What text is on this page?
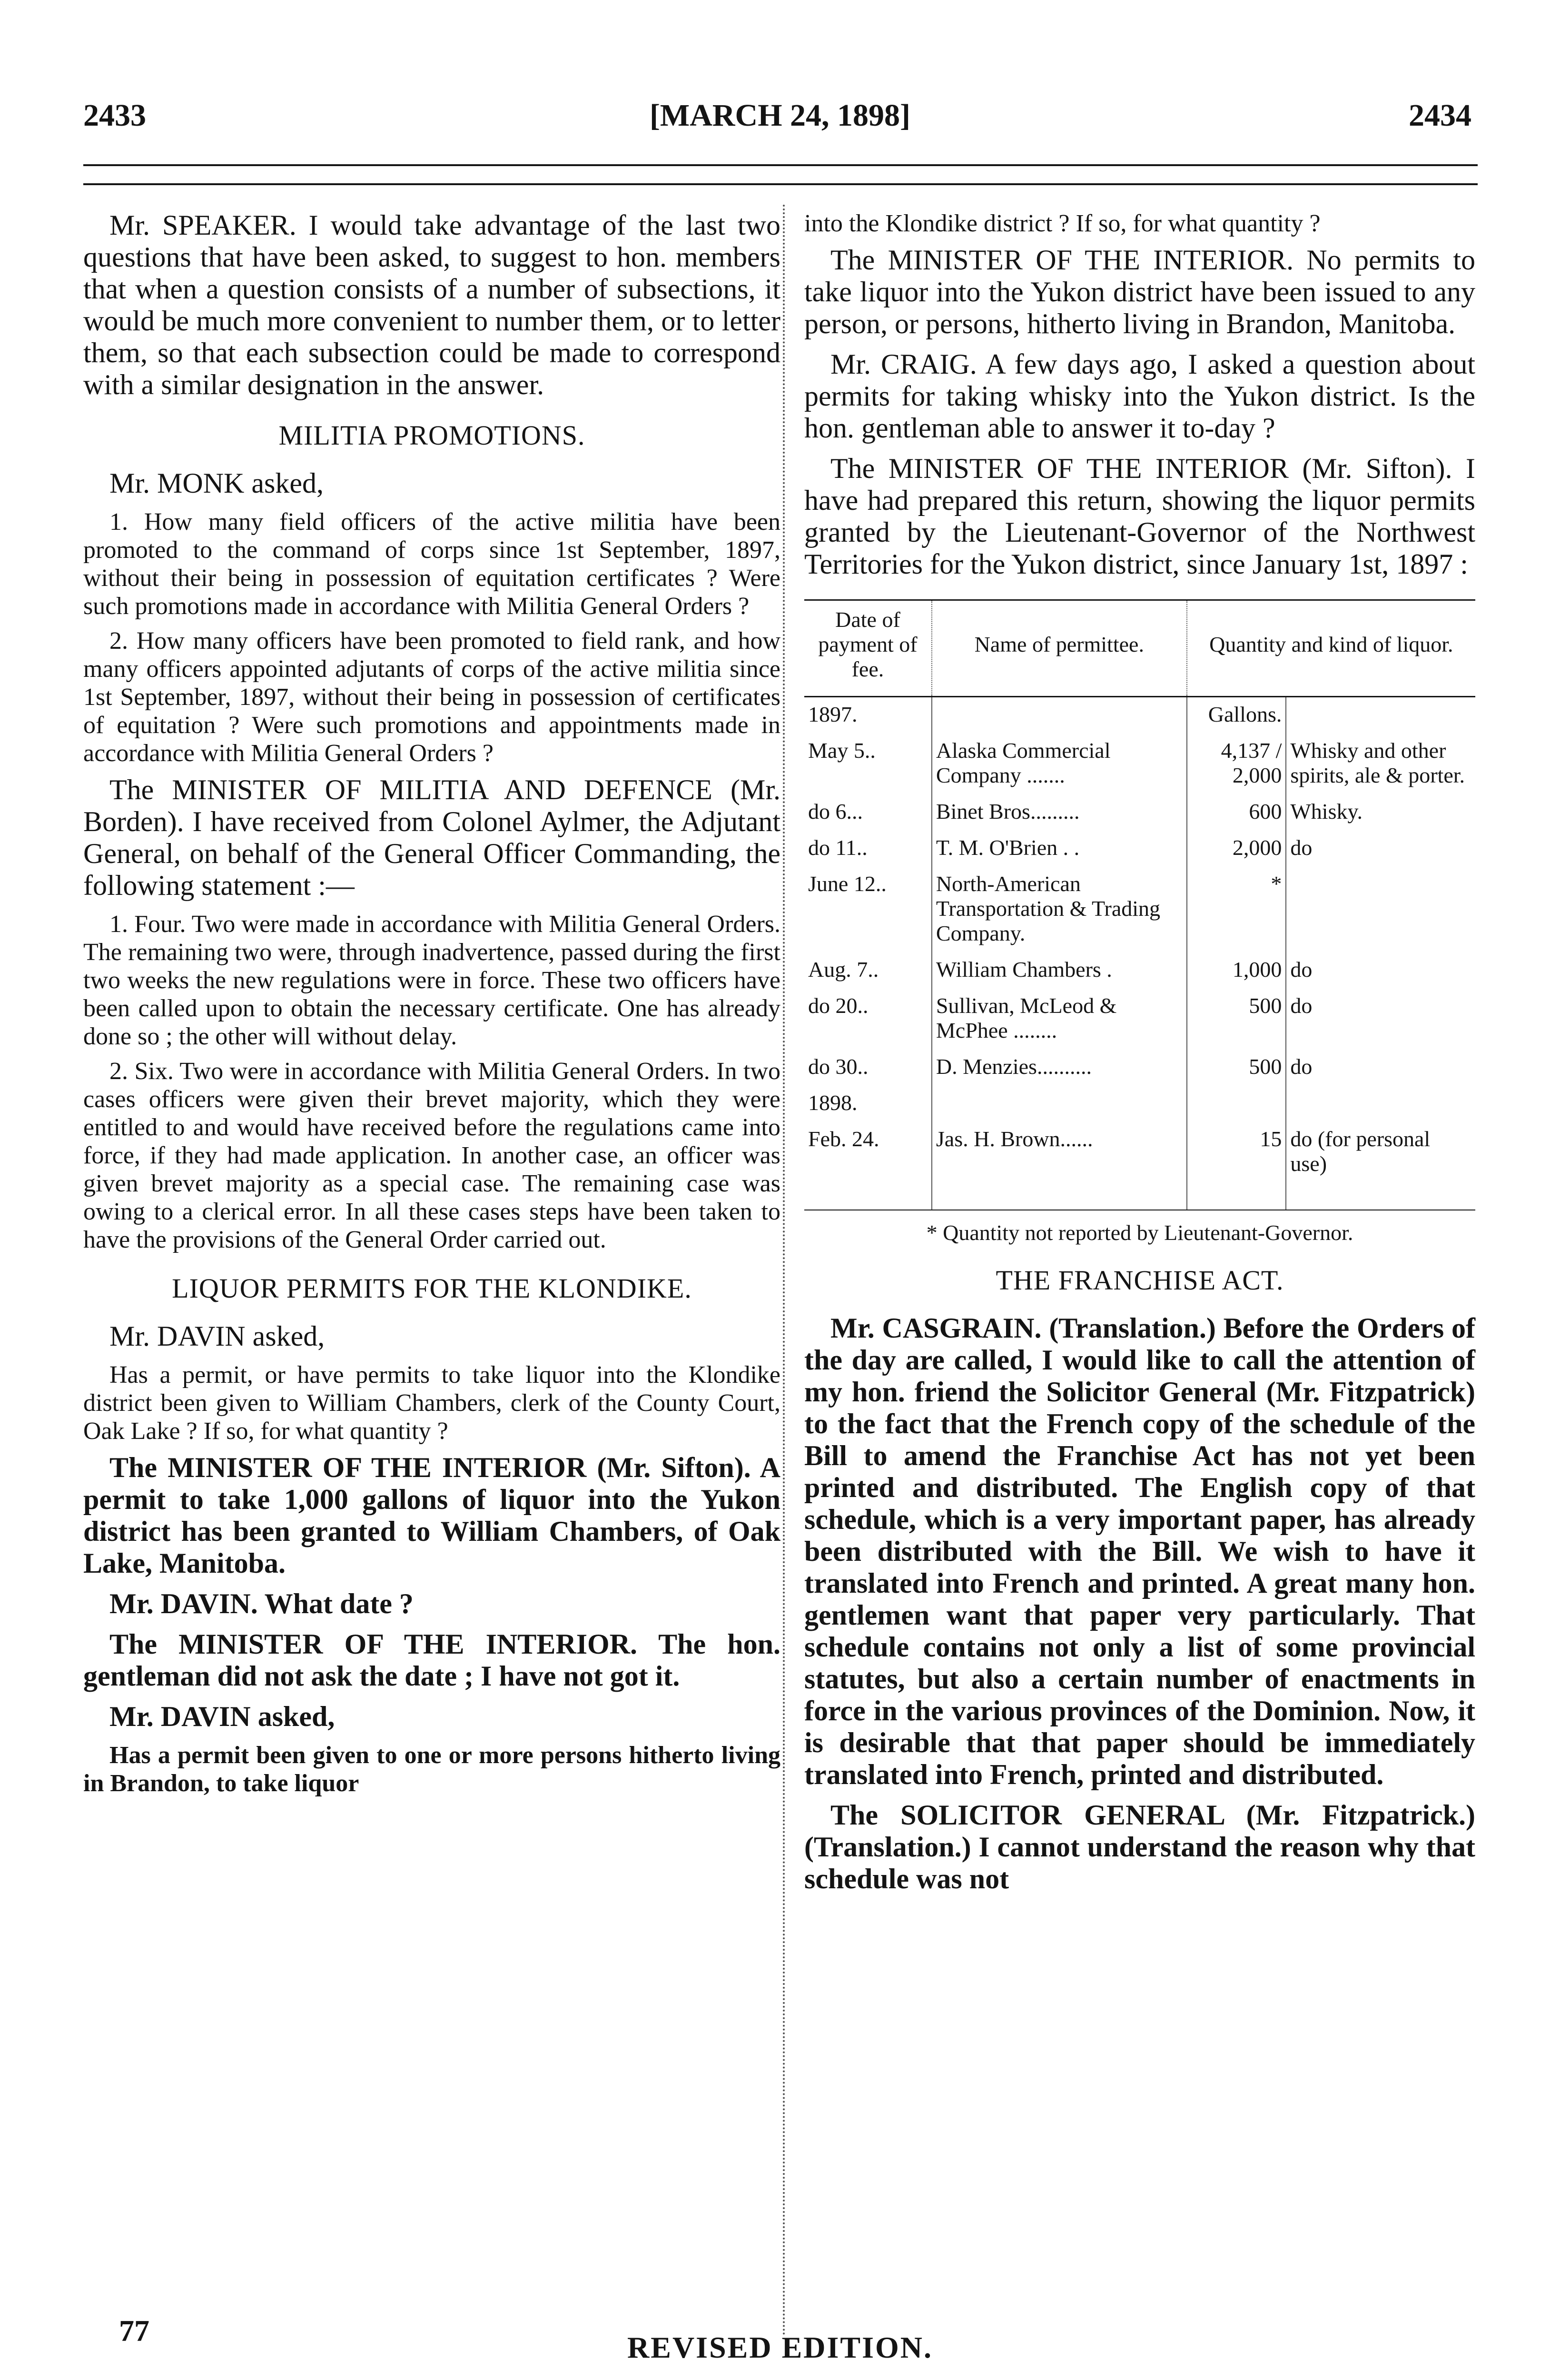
2433	[MARCH 24, 1898]	2434

Mr. SPEAKER. I would take advantage of the last two questions that have been asked, to suggest to hon. members that when a question consists of a number of subsections, it would be much more convenient to number them, or to letter them, so that each subsection could be made to correspond with a similar designation in the answer.

MILITIA PROMOTIONS.

Mr. MONK asked,

1. How many field officers of the active militia have been promoted to the command of corps since 1st September, 1897, without their being in possession of equitation certificates ? Were such promotions made in accordance with Militia General Orders ?

2. How many officers have been promoted to field rank, and how many officers appointed adjutants of corps of the active militia since 1st September, 1897, without their being in possession of certificates of equitation ? Were such promotions and appointments made in accordance with Militia General Orders ?

The MINISTER OF MILITIA AND DEFENCE (Mr. Borden). I have received from Colonel Aylmer, the Adjutant General, on behalf of the General Officer Commanding, the following statement :—

1. Four. Two were made in accordance with Militia General Orders. The remaining two were, through inadvertence, passed during the first two weeks the new regulations were in force. These two officers have been called upon to obtain the necessary certificate. One has already done so ; the other will without delay.

2. Six. Two were in accordance with Militia General Orders. In two cases officers were given their brevet majority, which they were entitled to and would have received before the regulations came into force, if they had made application. In another case, an officer was given brevet majority as a special case. The remaining case was owing to a clerical error. In all these cases steps have been taken to have the provisions of the General Order carried out.

LIQUOR PERMITS FOR THE KLONDIKE.

Mr. DAVIN asked,

Has a permit, or have permits to take liquor into the Klondike district been given to William Chambers, clerk of the County Court, Oak Lake ? If so, for what quantity ?

The MINISTER OF THE INTERIOR (Mr. Sifton). A permit to take 1,000 gallons of liquor into the Yukon district has been granted to William Chambers, of Oak Lake, Manitoba.

Mr. DAVIN. What date ?

The MINISTER OF THE INTERIOR. The hon. gentleman did not ask the date ; I have not got it.

Mr. DAVIN asked,

Has a permit been given to one or more persons hitherto living in Brandon, to take liquor

into the Klondike district ? If so, for what quantity ?

The MINISTER OF THE INTERIOR. No permits to take liquor into the Yukon district have been issued to any person, or persons, hitherto living in Brandon, Manitoba.

Mr. CRAIG. A few days ago, I asked a question about permits for taking whisky into the Yukon district. Is the hon. gentleman able to answer it to-day ?

The MINISTER OF THE INTERIOR (Mr. Sifton). I have had prepared this return, showing the liquor permits granted by the Lieutenant-Governor of the Northwest Territories for the Yukon district, since January 1st, 1897 :

Date of payment of fee.	Name of permittee.	Quantity and kind of liquor.	
1897.		Gallons.	
May 5..	Alaska Commercial Company .......	4,137 / 2,000	Whisky and other spirits, ale & porter.
do 6...	Binet Bros.........	600	Whisky.
do 11..	T. M. O'Brien . .	2,000	do
June 12..	North-American Transportation & Trading Company.	*	
Aug. 7..	William Chambers .	1,000	do
do 20..	Sullivan, McLeod & McPhee ........	500	do
do 30..	D. Menzies..........	500	do
1898.			
Feb. 24.	Jas. H. Brown......	15	do (for personal use)
* Quantity not reported by Lieutenant-Governor.
THE FRANCHISE ACT.

Mr. CASGRAIN. (Translation.) Before the Orders of the day are called, I would like to call the attention of my hon. friend the Solicitor General (Mr. Fitzpatrick) to the fact that the French copy of the schedule of the Bill to amend the Franchise Act has not yet been printed and distributed. The English copy of that schedule, which is a very important paper, has already been distributed with the Bill. We wish to have it translated into French and printed. A great many hon. gentlemen want that paper very particularly. That schedule contains not only a list of some provincial statutes, but also a certain number of enactments in force in the various provinces of the Dominion. Now, it is desirable that that paper should be immediately translated into French, printed and distributed.

The SOLICITOR GENERAL (Mr. Fitzpatrick.) (Translation.) I cannot understand the reason why that schedule was not

77	REVISED EDITION.
